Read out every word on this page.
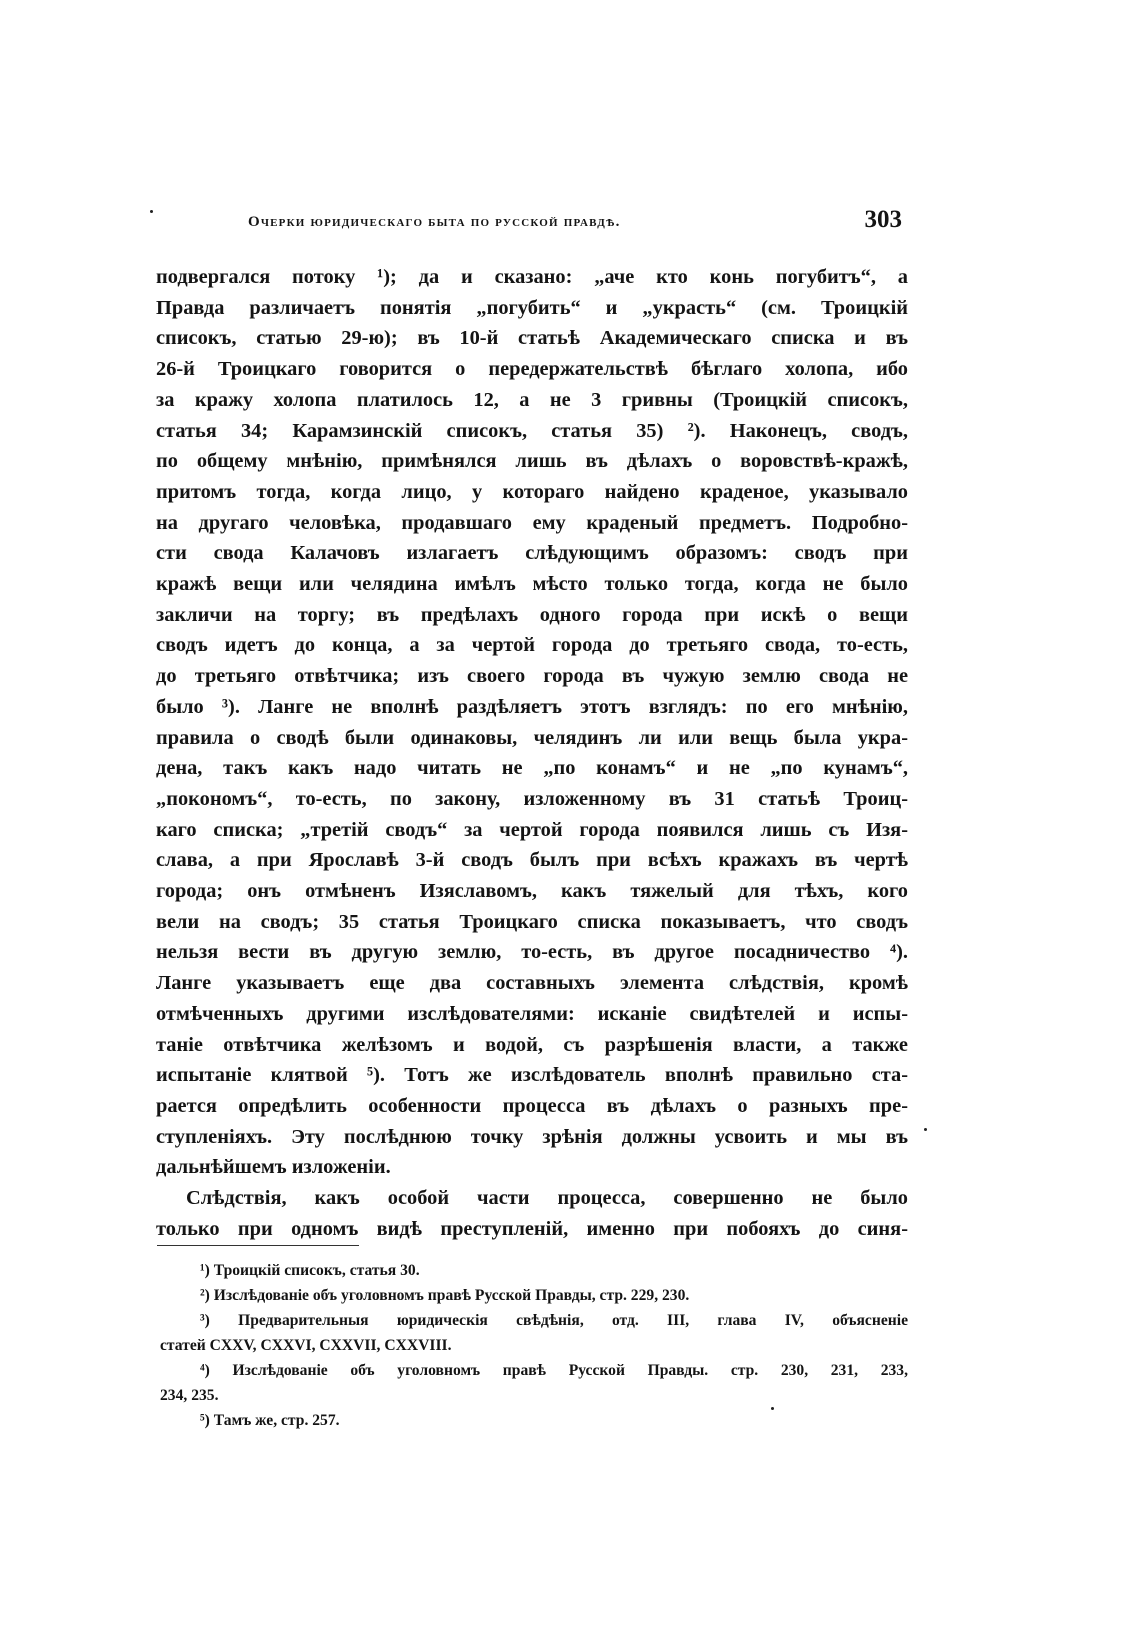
Очерки юридическаго быта по русской правдѣ.	303
подвергался потоку ¹); да и сказано: „аче кто конь погубитъ“, а
Правда различаетъ понятія „погубить“ и „украсть“ (см. Троицкій
списокъ, статью 29-ю); въ 10-й статьѣ Академическаго списка и въ
26-й Троицкаго говорится о передержательствѣ бѣглаго холопа, ибо
за кражу холопа платилось 12, а не 3 гривны (Троицкій списокъ,
статья 34; Карамзинскій списокъ, статья 35) ²). Наконецъ, сводъ,
по общему мнѣнію, примѣнялся лишь въ дѣлахъ о воровствѣ-кражѣ,
притомъ тогда, когда лицо, у котораго найдено краденое, указывало
на другаго человѣка, продавшаго ему краденый предметъ. Подробно-
сти свода Калачовъ излагаетъ слѣдующимъ образомъ: сводъ при
кражѣ вещи или челядина имѣлъ мѣсто только тогда, когда не было
закличи на торгу; въ предѣлахъ одного города при искѣ о вещи
сводъ идетъ до конца, а за чертой города до третьяго свода, то-есть,
до третьяго отвѣтчика; изъ своего города въ чужую землю свода не
было ³). Ланге не вполнѣ раздѣляетъ этотъ взглядъ: по его мнѣнію,
правила о сводѣ были одинаковы, челядинъ ли или вещь была укра-
дена, такъ какъ надо читать не „по конамъ“ и не „по кунамъ“,
„покономъ“, то-есть, по закону, изложенному въ 31 статьѣ Троиц-
каго списка; „третій сводъ“ за чертой города появился лишь съ Изя-
слава, а при Ярославѣ 3-й сводъ былъ при всѣхъ кражахъ въ чертѣ
города; онъ отмѣненъ Изяславомъ, какъ тяжелый для тѣхъ, кого
вели на сводъ; 35 статья Троицкаго списка показываетъ, что сводъ
нельзя вести въ другую землю, то-есть, въ другое посадничество ⁴).
Ланге указываетъ еще два составныхъ элемента слѣдствія, кромѣ
отмѣченныхъ другими изслѣдователями: исканіе свидѣтелей и испы-
таніе отвѣтчика желѣзомъ и водой, съ разрѣшенія власти, а также
испытаніе клятвой ⁵). Тотъ же изслѣдователь вполнѣ правильно ста-
рается опредѣлить особенности процесса въ дѣлахъ о разныхъ пре-
ступленіяхъ. Эту послѣднюю точку зрѣнія должны усвоить и мы въ
дальнѣйшемъ изложеніи.
Слѣдствія, какъ особой части процесса, совершенно не было
только при одномъ видѣ преступленій, именно при побояхъ до синя-
¹) Троицкій списокъ, статья 30.
²) Изслѣдованіе объ уголовномъ правѣ Русской Правды, стр. 229, 230.
³) Предварительныя юридическія свѣдѣнія, отд. III, глава IV, объясненіе
статей CXXV, CXXVI, CXXVII, CXXVIII.
⁴) Изслѣдованіе объ уголовномъ правѣ Русской Правды. стр. 230, 231, 233,
234, 235.
⁵) Тамъ же, стр. 257.
